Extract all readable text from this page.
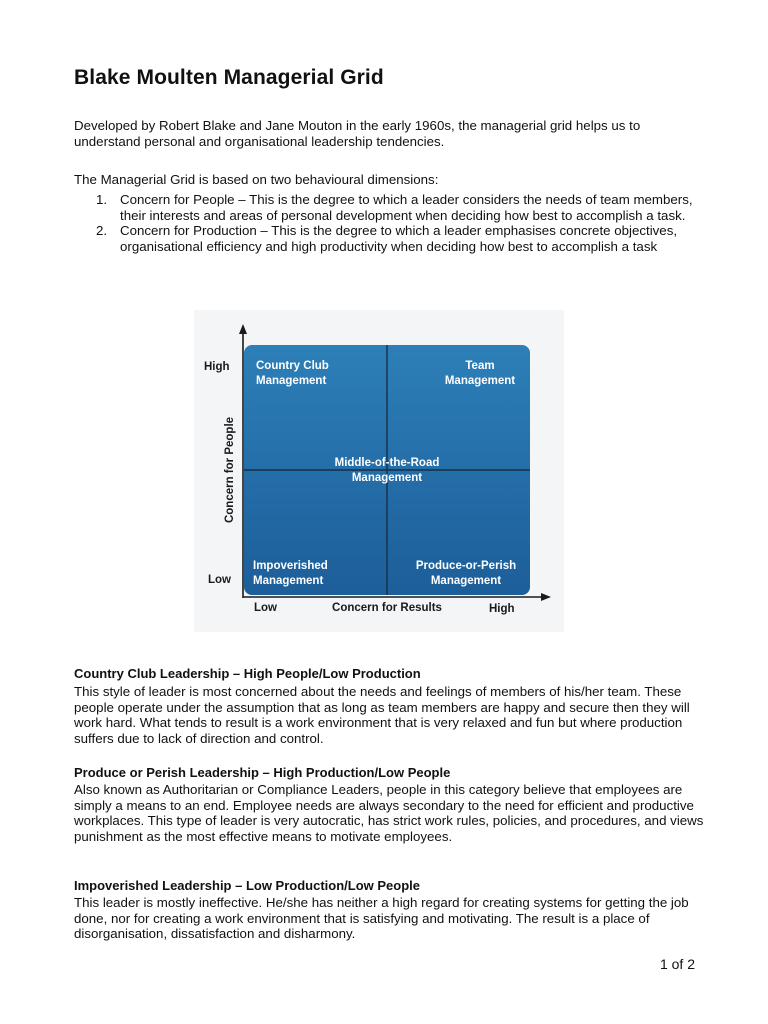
Blake Moulten Managerial Grid

Developed by Robert Blake and Jane Mouton in the early 1960s, the managerial grid helps us to understand personal and organisational leadership tendencies.

The Managerial Grid is based on two behavioural dimensions:

1. Concern for People – This is the degree to which a leader considers the needs of team members, their interests and areas of personal development when deciding how best to accomplish a task.
2. Concern for Production – This is the degree to which a leader emphasises concrete objectives, organisational efficiency and high productivity when deciding how best to accomplish a task
Country Club
Management
Team
Management
Middle-of-the-Road
Management
Impoverished
Management
Produce-or-Perish
Management
High
Low
Low	Concern for Results	High
Concern for People
Country Club Leadership – High People/Low Production

This style of leader is most concerned about the needs and feelings of members of his/her team. These people operate under the assumption that as long as team members are happy and secure then they will work hard. What tends to result is a work environment that is very relaxed and fun but where production suffers due to lack of direction and control.

Produce or Perish Leadership – High Production/Low People

Also known as Authoritarian or Compliance Leaders, people in this category believe that employees are simply a means to an end. Employee needs are always secondary to the need for efficient and productive workplaces. This type of leader is very autocratic, has strict work rules, policies, and procedures, and views punishment as the most effective means to motivate employees.

Impoverished Leadership – Low Production/Low People

This leader is mostly ineffective. He/she has neither a high regard for creating systems for getting the job done, nor for creating a work environment that is satisfying and motivating. The result is a place of disorganisation, dissatisfaction and disharmony.

1 of 2
